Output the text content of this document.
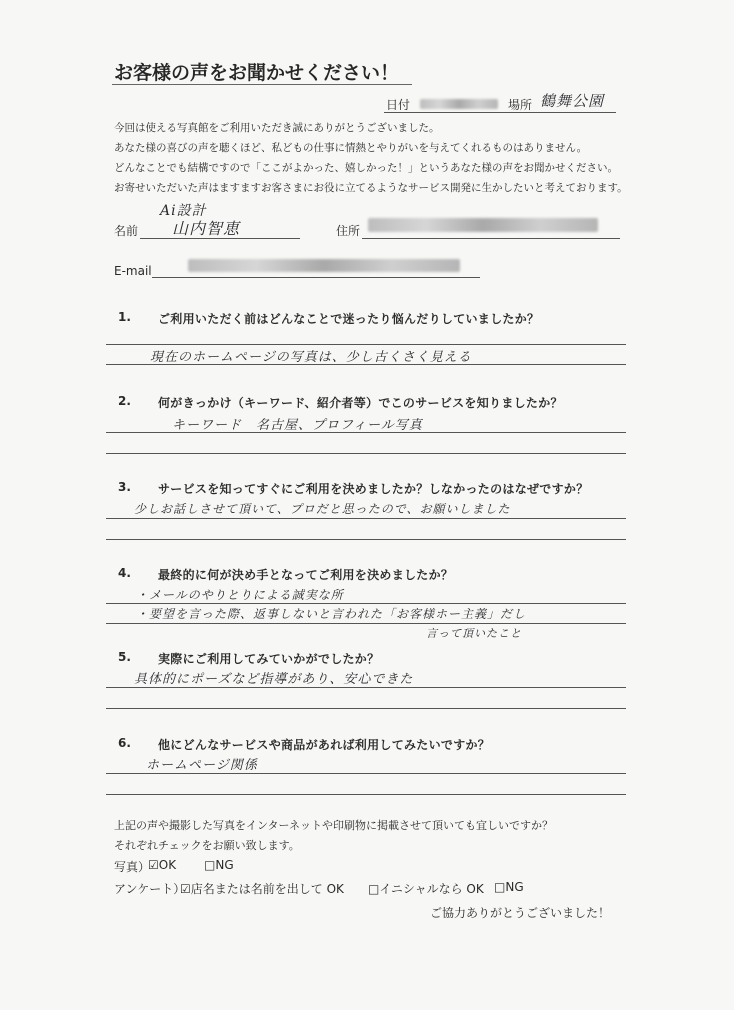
お客様の声をお聞かせください！
日付	場所 鶴舞公園
今回は使える写真館をご利用いただき誠にありがとうございました。
あなた様の喜びの声を聴くほど、私どもの仕事に情熱とやりがいを与えてくれるものはありません。
どんなことでも結構ですので「ここがよかった、嬉しかった！」というあなた様の声をお聞かせください。
お寄せいただいた声はますますお客さまにお役に立てるようなサービス開発に生かしたいと考えております。
Ai設計
名前 山内智恵	住所
E-mail
1. ご利用いただく前はどんなことで迷ったり悩んだりしていましたか？
現在のホームページの写真は、少し古くさく見える
2. 何がきっかけ（キーワード、紹介者等）でこのサービスを知りましたか？
キーワード　名古屋、プロフィール写真
3. サービスを知ってすぐにご利用を決めましたか？しなかったのはなぜですか？
少しお話しさせて頂いて、プロだと思ったので、お願いしました
4. 最終的に何が決め手となってご利用を決めましたか？
・メールのやりとりによる誠実な所
・要望を言った際、返事しないと言われた「お客様ホー主義」だし
言って頂いたこと
5. 実際にご利用してみていかがでしたか？
具体的にポーズなど指導があり、安心できた
6. 他にどんなサービスや商品があれば利用してみたいですか？
ホームページ関係
上記の声や撮影した写真をインターネットや印刷物に掲載させて頂いても宜しいですか？
それぞれチェックをお願い致します。
写真）
☑OK □NG
アンケート）
☑店名または名前を出して OK □イニシャルなら OK □NG
ご協力ありがとうございました！
